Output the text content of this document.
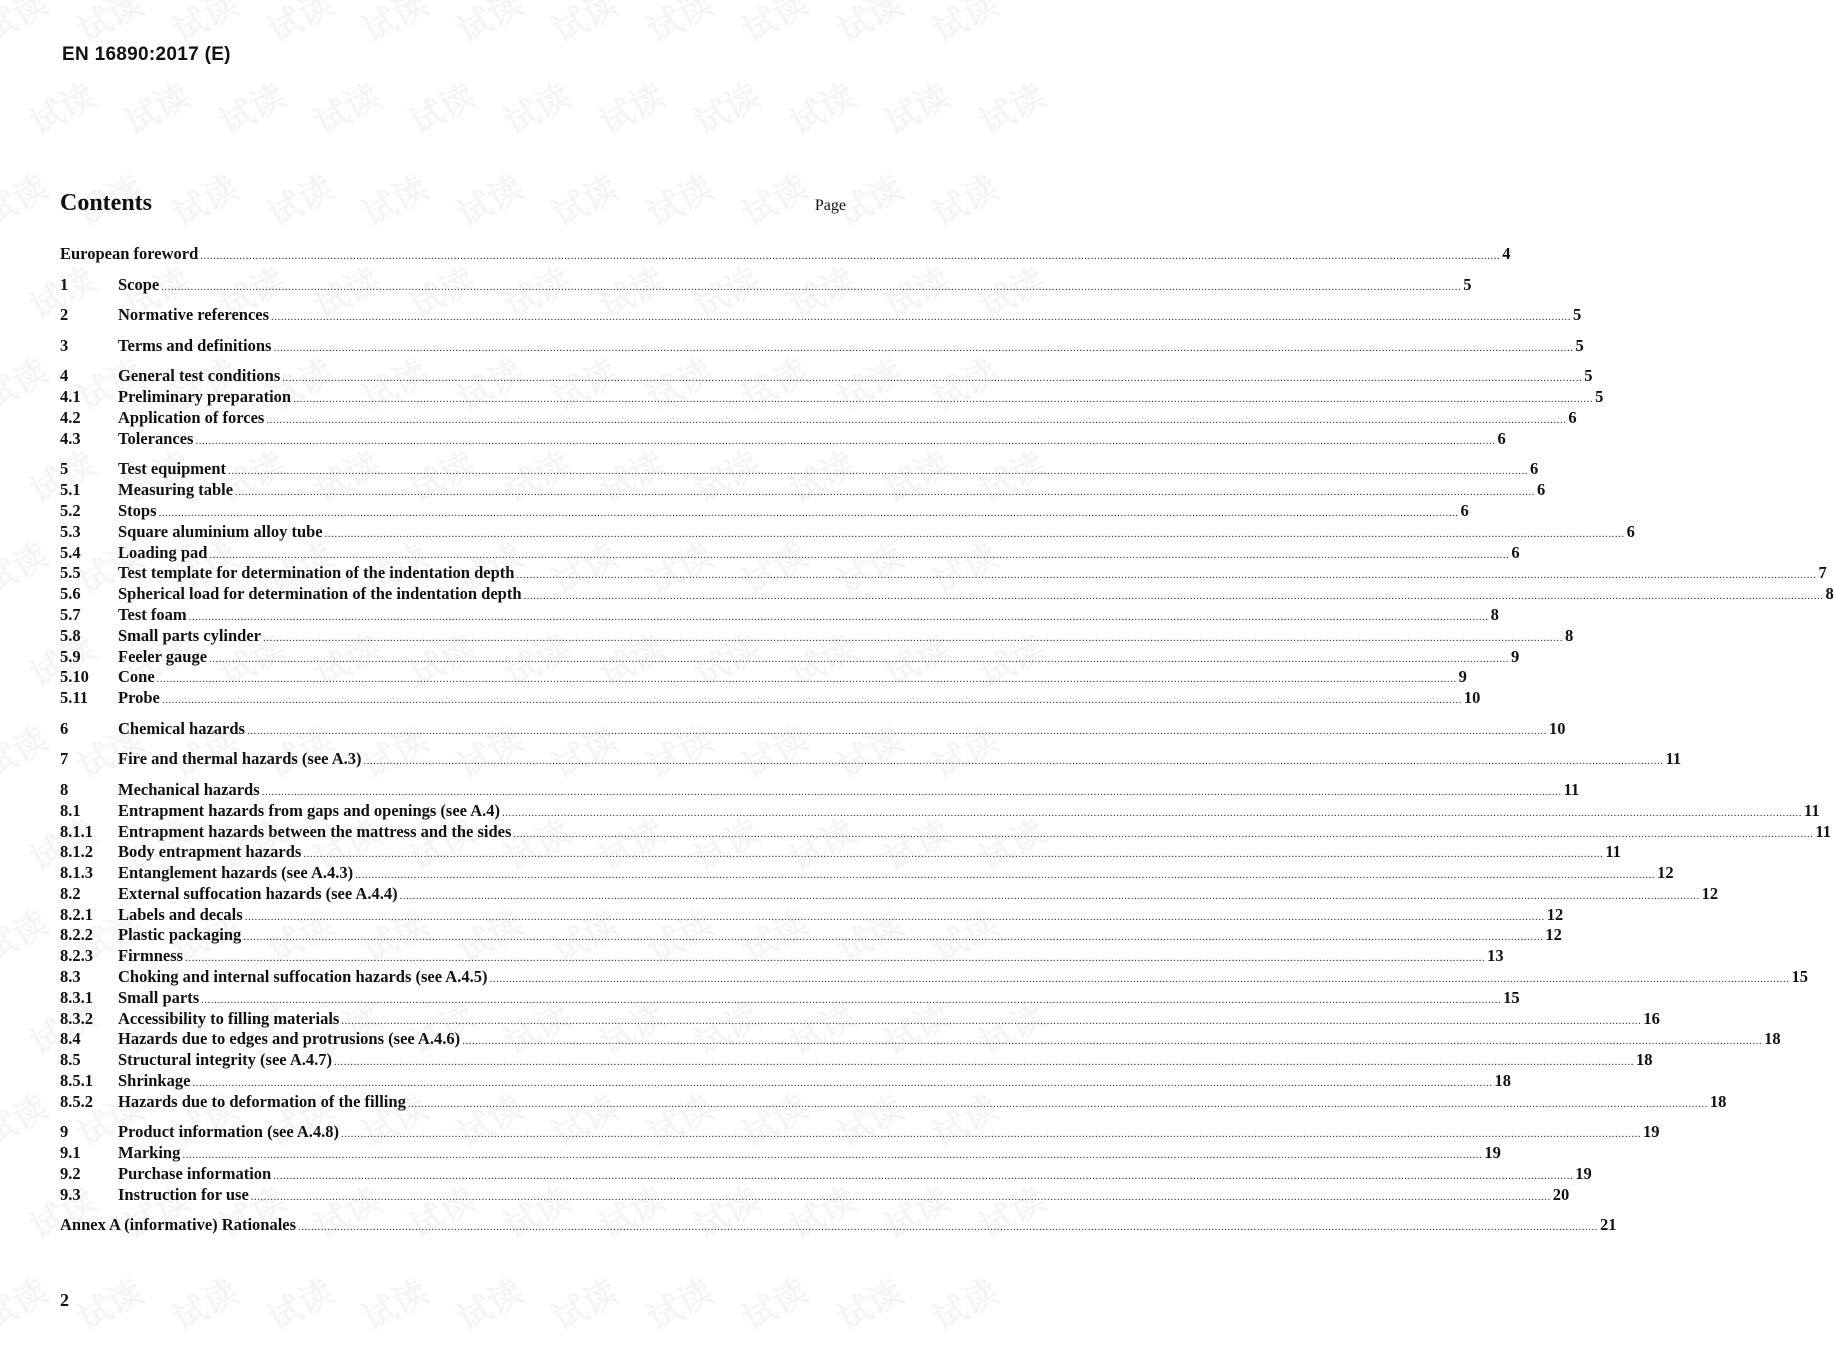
EN 16890:2017 (E)
Contents	Page
European foreword ................................................................................................................................................................................................................................................................................................................................................................................................................ 4
1	Scope ................................................................................................................................................................................................................................................................................................................................................................................................................ 5
2	Normative references ................................................................................................................................................................................................................................................................................................................................................................................................................ 5
3	Terms and definitions ................................................................................................................................................................................................................................................................................................................................................................................................................ 5
4	General test conditions ................................................................................................................................................................................................................................................................................................................................................................................................................ 5
4.1	Preliminary preparation ................................................................................................................................................................................................................................................................................................................................................................................................................ 5
4.2	Application of forces ................................................................................................................................................................................................................................................................................................................................................................................................................ 6
4.3	Tolerances ................................................................................................................................................................................................................................................................................................................................................................................................................ 6
5	Test equipment ................................................................................................................................................................................................................................................................................................................................................................................................................ 6
5.1	Measuring table ................................................................................................................................................................................................................................................................................................................................................................................................................ 6
5.2	Stops ................................................................................................................................................................................................................................................................................................................................................................................................................ 6
5.3	Square aluminium alloy tube ................................................................................................................................................................................................................................................................................................................................................................................................................ 6
5.4	Loading pad ................................................................................................................................................................................................................................................................................................................................................................................................................ 6
5.5	Test template for determination of the indentation depth ................................................................................................................................................................................................................................................................................................................................................................................................................ 7
5.6	Spherical load for determination of the indentation depth ................................................................................................................................................................................................................................................................................................................................................................................................................ 8
5.7	Test foam ................................................................................................................................................................................................................................................................................................................................................................................................................ 8
5.8	Small parts cylinder ................................................................................................................................................................................................................................................................................................................................................................................................................ 8
5.9	Feeler gauge ................................................................................................................................................................................................................................................................................................................................................................................................................ 9
5.10	Cone ................................................................................................................................................................................................................................................................................................................................................................................................................ 9
5.11	Probe ................................................................................................................................................................................................................................................................................................................................................................................................................ 10
6	Chemical hazards ................................................................................................................................................................................................................................................................................................................................................................................................................ 10
7	Fire and thermal hazards (see A.3) ................................................................................................................................................................................................................................................................................................................................................................................................................ 11
8	Mechanical hazards ................................................................................................................................................................................................................................................................................................................................................................................................................ 11
8.1	Entrapment hazards from gaps and openings (see A.4) ................................................................................................................................................................................................................................................................................................................................................................................................................ 11
8.1.1	Entrapment hazards between the mattress and the sides ................................................................................................................................................................................................................................................................................................................................................................................................................ 11
8.1.2	Body entrapment hazards ................................................................................................................................................................................................................................................................................................................................................................................................................ 11
8.1.3	Entanglement hazards (see A.4.3) ................................................................................................................................................................................................................................................................................................................................................................................................................ 12
8.2	External suffocation hazards (see A.4.4) ................................................................................................................................................................................................................................................................................................................................................................................................................ 12
8.2.1	Labels and decals ................................................................................................................................................................................................................................................................................................................................................................................................................ 12
8.2.2	Plastic packaging ................................................................................................................................................................................................................................................................................................................................................................................................................ 12
8.2.3	Firmness ................................................................................................................................................................................................................................................................................................................................................................................................................ 13
8.3	Choking and internal suffocation hazards (see A.4.5) ................................................................................................................................................................................................................................................................................................................................................................................................................ 15
8.3.1	Small parts ................................................................................................................................................................................................................................................................................................................................................................................................................ 15
8.3.2	Accessibility to filling materials ................................................................................................................................................................................................................................................................................................................................................................................................................ 16
8.4	Hazards due to edges and protrusions (see A.4.6) ................................................................................................................................................................................................................................................................................................................................................................................................................ 18
8.5	Structural integrity (see A.4.7) ................................................................................................................................................................................................................................................................................................................................................................................................................ 18
8.5.1	Shrinkage ................................................................................................................................................................................................................................................................................................................................................................................................................ 18
8.5.2	Hazards due to deformation of the filling ................................................................................................................................................................................................................................................................................................................................................................................................................ 18
9	Product information (see A.4.8) ................................................................................................................................................................................................................................................................................................................................................................................................................ 19
9.1	Marking ................................................................................................................................................................................................................................................................................................................................................................................................................ 19
9.2	Purchase information ................................................................................................................................................................................................................................................................................................................................................................................................................ 19
9.3	Instruction for use ................................................................................................................................................................................................................................................................................................................................................................................................................ 20
Annex A (informative) Rationales ................................................................................................................................................................................................................................................................................................................................................................................................................ 21
2
